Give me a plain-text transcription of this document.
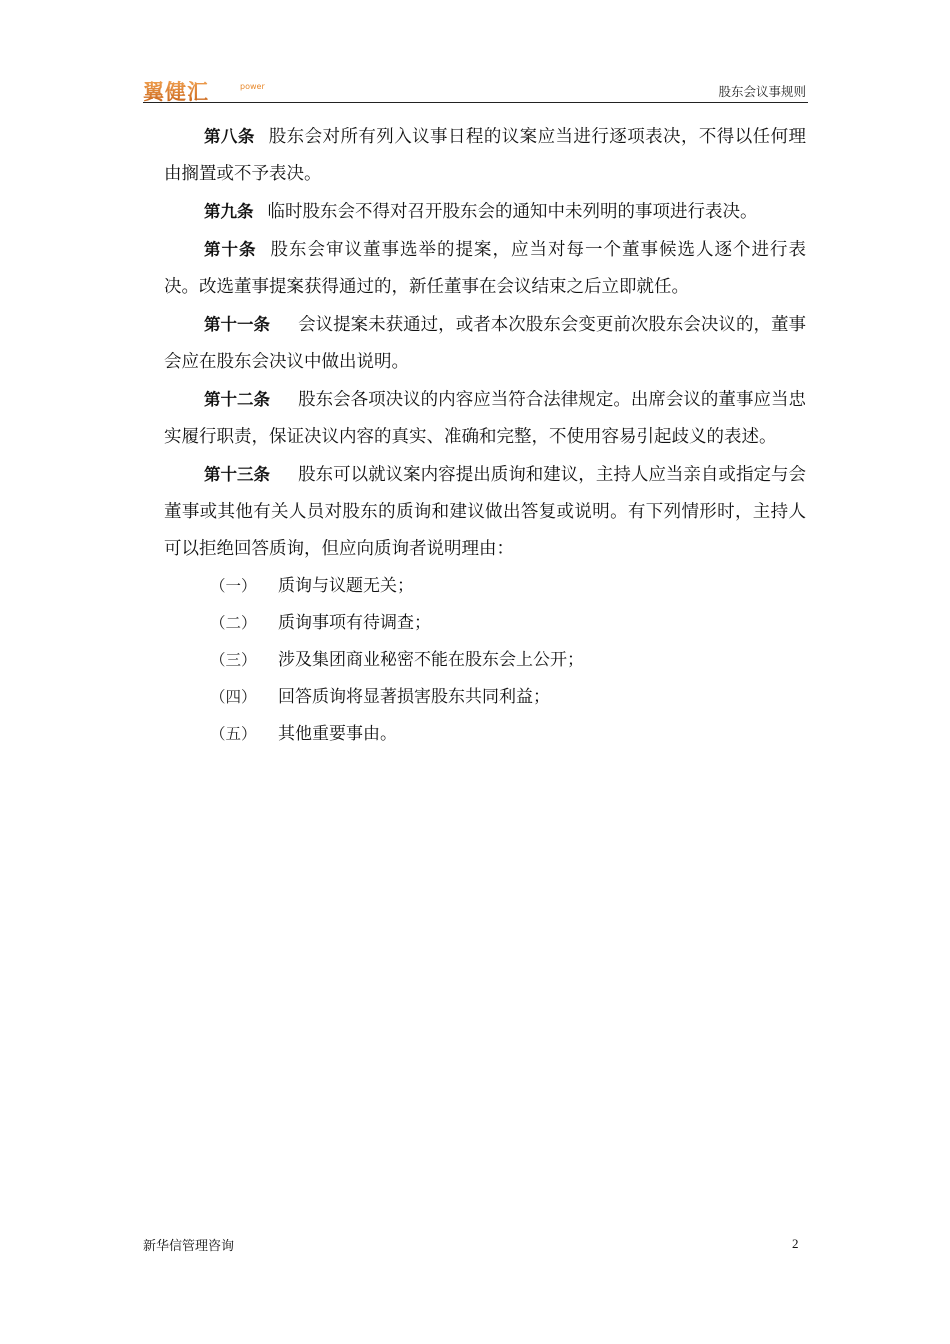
翼健汇	power	股东会议事规则

第八条 股东会对所有列入议事日程的议案应当进行逐项表决，不得以任何理由搁置或不予表决。

第九条 临时股东会不得对召开股东会的通知中未列明的事项进行表决。

第十条 股东会审议董事选举的提案，应当对每一个董事候选人逐个进行表决。改选董事提案获得通过的，新任董事在会议结束之后立即就任。

第十一条 会议提案未获通过，或者本次股东会变更前次股东会决议的，董事会应在股东会决议中做出说明。

第十二条 股东会各项决议的内容应当符合法律规定。出席会议的董事应当忠实履行职责，保证决议内容的真实、准确和完整，不使用容易引起歧义的表述。

第十三条 股东可以就议案内容提出质询和建议，主持人应当亲自或指定与会董事或其他有关人员对股东的质询和建议做出答复或说明。有下列情形时，主持人可以拒绝回答质询，但应向质询者说明理由：

（一）	质询与议题无关；
（二）	质询事项有待调查；
（三）	涉及集团商业秘密不能在股东会上公开；
（四）	回答质询将显著损害股东共同利益；
（五）	其他重要事由。
新华信管理咨询	2
